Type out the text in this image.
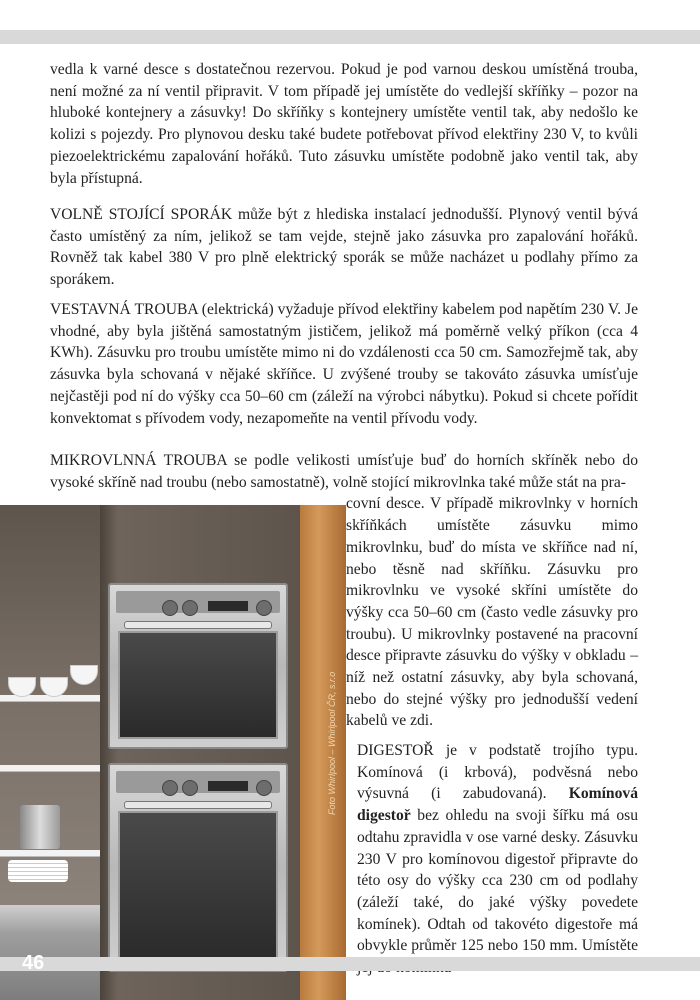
vedla k varné desce s dostatečnou rezervou. Pokud je pod varnou deskou umístěná trouba, není možné za ní ventil připravit. V tom případě jej umístěte do vedlejší skříňky – pozor na hluboké kontejnery a zásuvky! Do skříňky s kontejnery umístěte ventil tak, aby nedošlo ke kolizi s pojezdy. Pro plynovou desku také budete potřebovat přívod elektřiny 230 V, to kvůli piezoelektrickému zapalování hořáků. Tuto zásuvku umístěte podobně jako ventil tak, aby byla přístupná.

VOLNĚ STOJÍCÍ SPORÁK může být z hlediska instalací jednodušší. Plynový ventil bývá často umístěný za ním, jelikož se tam vejde, stejně jako zásuvka pro zapalování hořáků. Rovněž tak kabel 380 V pro plně elektrický sporák se může nacházet u podlahy přímo za sporákem.

VESTAVNÁ TROUBA (elektrická) vyžaduje přívod elektřiny kabelem pod napětím 230 V. Je vhodné, aby byla jištěná samostatným jističem, jelikož má poměrně velký příkon (cca 4 KWh). Zásuvku pro troubu umístěte mimo ni do vzdálenosti cca 50 cm. Samozřejmě tak, aby zásuvka byla schovaná v nějaké skříňce. U zvýšené trouby se takováto zásuvka umísťuje nejčastěji pod ní do výšky cca 50–60 cm (záleží na výrobci nábytku). Pokud si chcete pořídit konvektomat s přívodem vody, nezapomeňte na ventil přívodu vody.

MIKROVLNNÁ TROUBA se podle velikosti umísťuje buď do horních skříněk nebo do vysoké skříně nad troubu (nebo samostatně), volně stojící mikrovlnka také může stát na pra-
covní desce. V případě mikrovlnky v horních skříňkách umístěte zásuvku mimo mikrovlnku, buď do místa ve skříňce nad ní, nebo těsně nad skříňku. Zásuvku pro mikrovlnku ve vysoké skříni umístěte do výšky cca 50–60 cm (často vedle zásuvky pro troubu). U mikrovlnky postavené na pracovní desce připravte zásuvku do výšky v obkladu – níž než ostatní zásuvky, aby byla schovaná, nebo do stejné výšky pro jednodušší vedení kabelů ve zdi.

DIGESTOŘ je v podstatě trojího typu. Komínová (i krbová), podvěsná nebo výsuvná (i zabudovaná). Komínová digestoř bez ohledu na svoji šířku má osu odtahu zpravidla v ose varné desky. Zásuvku 230 V pro komínovou digestoř připravte do této osy do výšky cca 230 cm od podlahy (záleží také, do jaké výšky povedete komínek). Odtah od takovéto digestoře má obvykle průměr 125 nebo 150 mm. Umístěte

Foto Whirlpool – Whirlpool ČR, s.r.o
46
